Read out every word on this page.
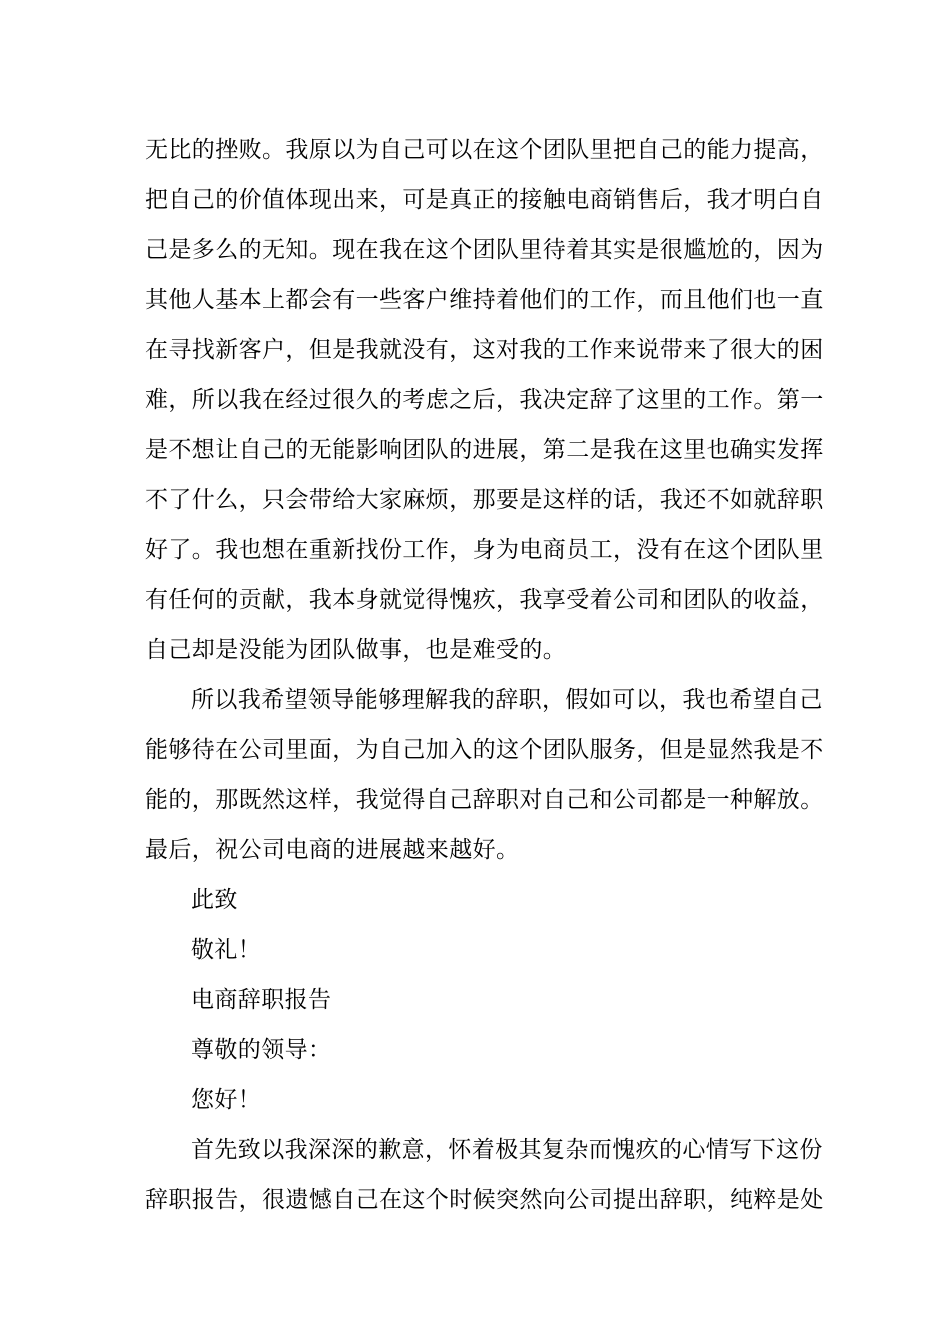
无比的挫败。我原以为自己可以在这个团队里把自己的能力提高，
把自己的价值体现出来，可是真正的接触电商销售后，我才明白自
己是多么的无知。现在我在这个团队里待着其实是很尴尬的，因为
其他人基本上都会有一些客户维持着他们的工作，而且他们也一直
在寻找新客户，但是我就没有，这对我的工作来说带来了很大的困
难，所以我在经过很久的考虑之后，我决定辞了这里的工作。第一
是不想让自己的无能影响团队的进展，第二是我在这里也确实发挥
不了什么，只会带给大家麻烦，那要是这样的话，我还不如就辞职
好了。我也想在重新找份工作，身为电商员工，没有在这个团队里
有任何的贡献，我本身就觉得愧疚，我享受着公司和团队的收益，
自己却是没能为团队做事，也是难受的。
所以我希望领导能够理解我的辞职，假如可以，我也希望自己
能够待在公司里面，为自己加入的这个团队服务，但是显然我是不
能的，那既然这样，我觉得自己辞职对自己和公司都是一种解放。
最后，祝公司电商的进展越来越好。
此致
敬礼！
电商辞职报告
尊敬的领导：
您好！
首先致以我深深的歉意，怀着极其复杂而愧疚的心情写下这份
辞职报告，很遗憾自己在这个时候突然向公司提出辞职，纯粹是处
